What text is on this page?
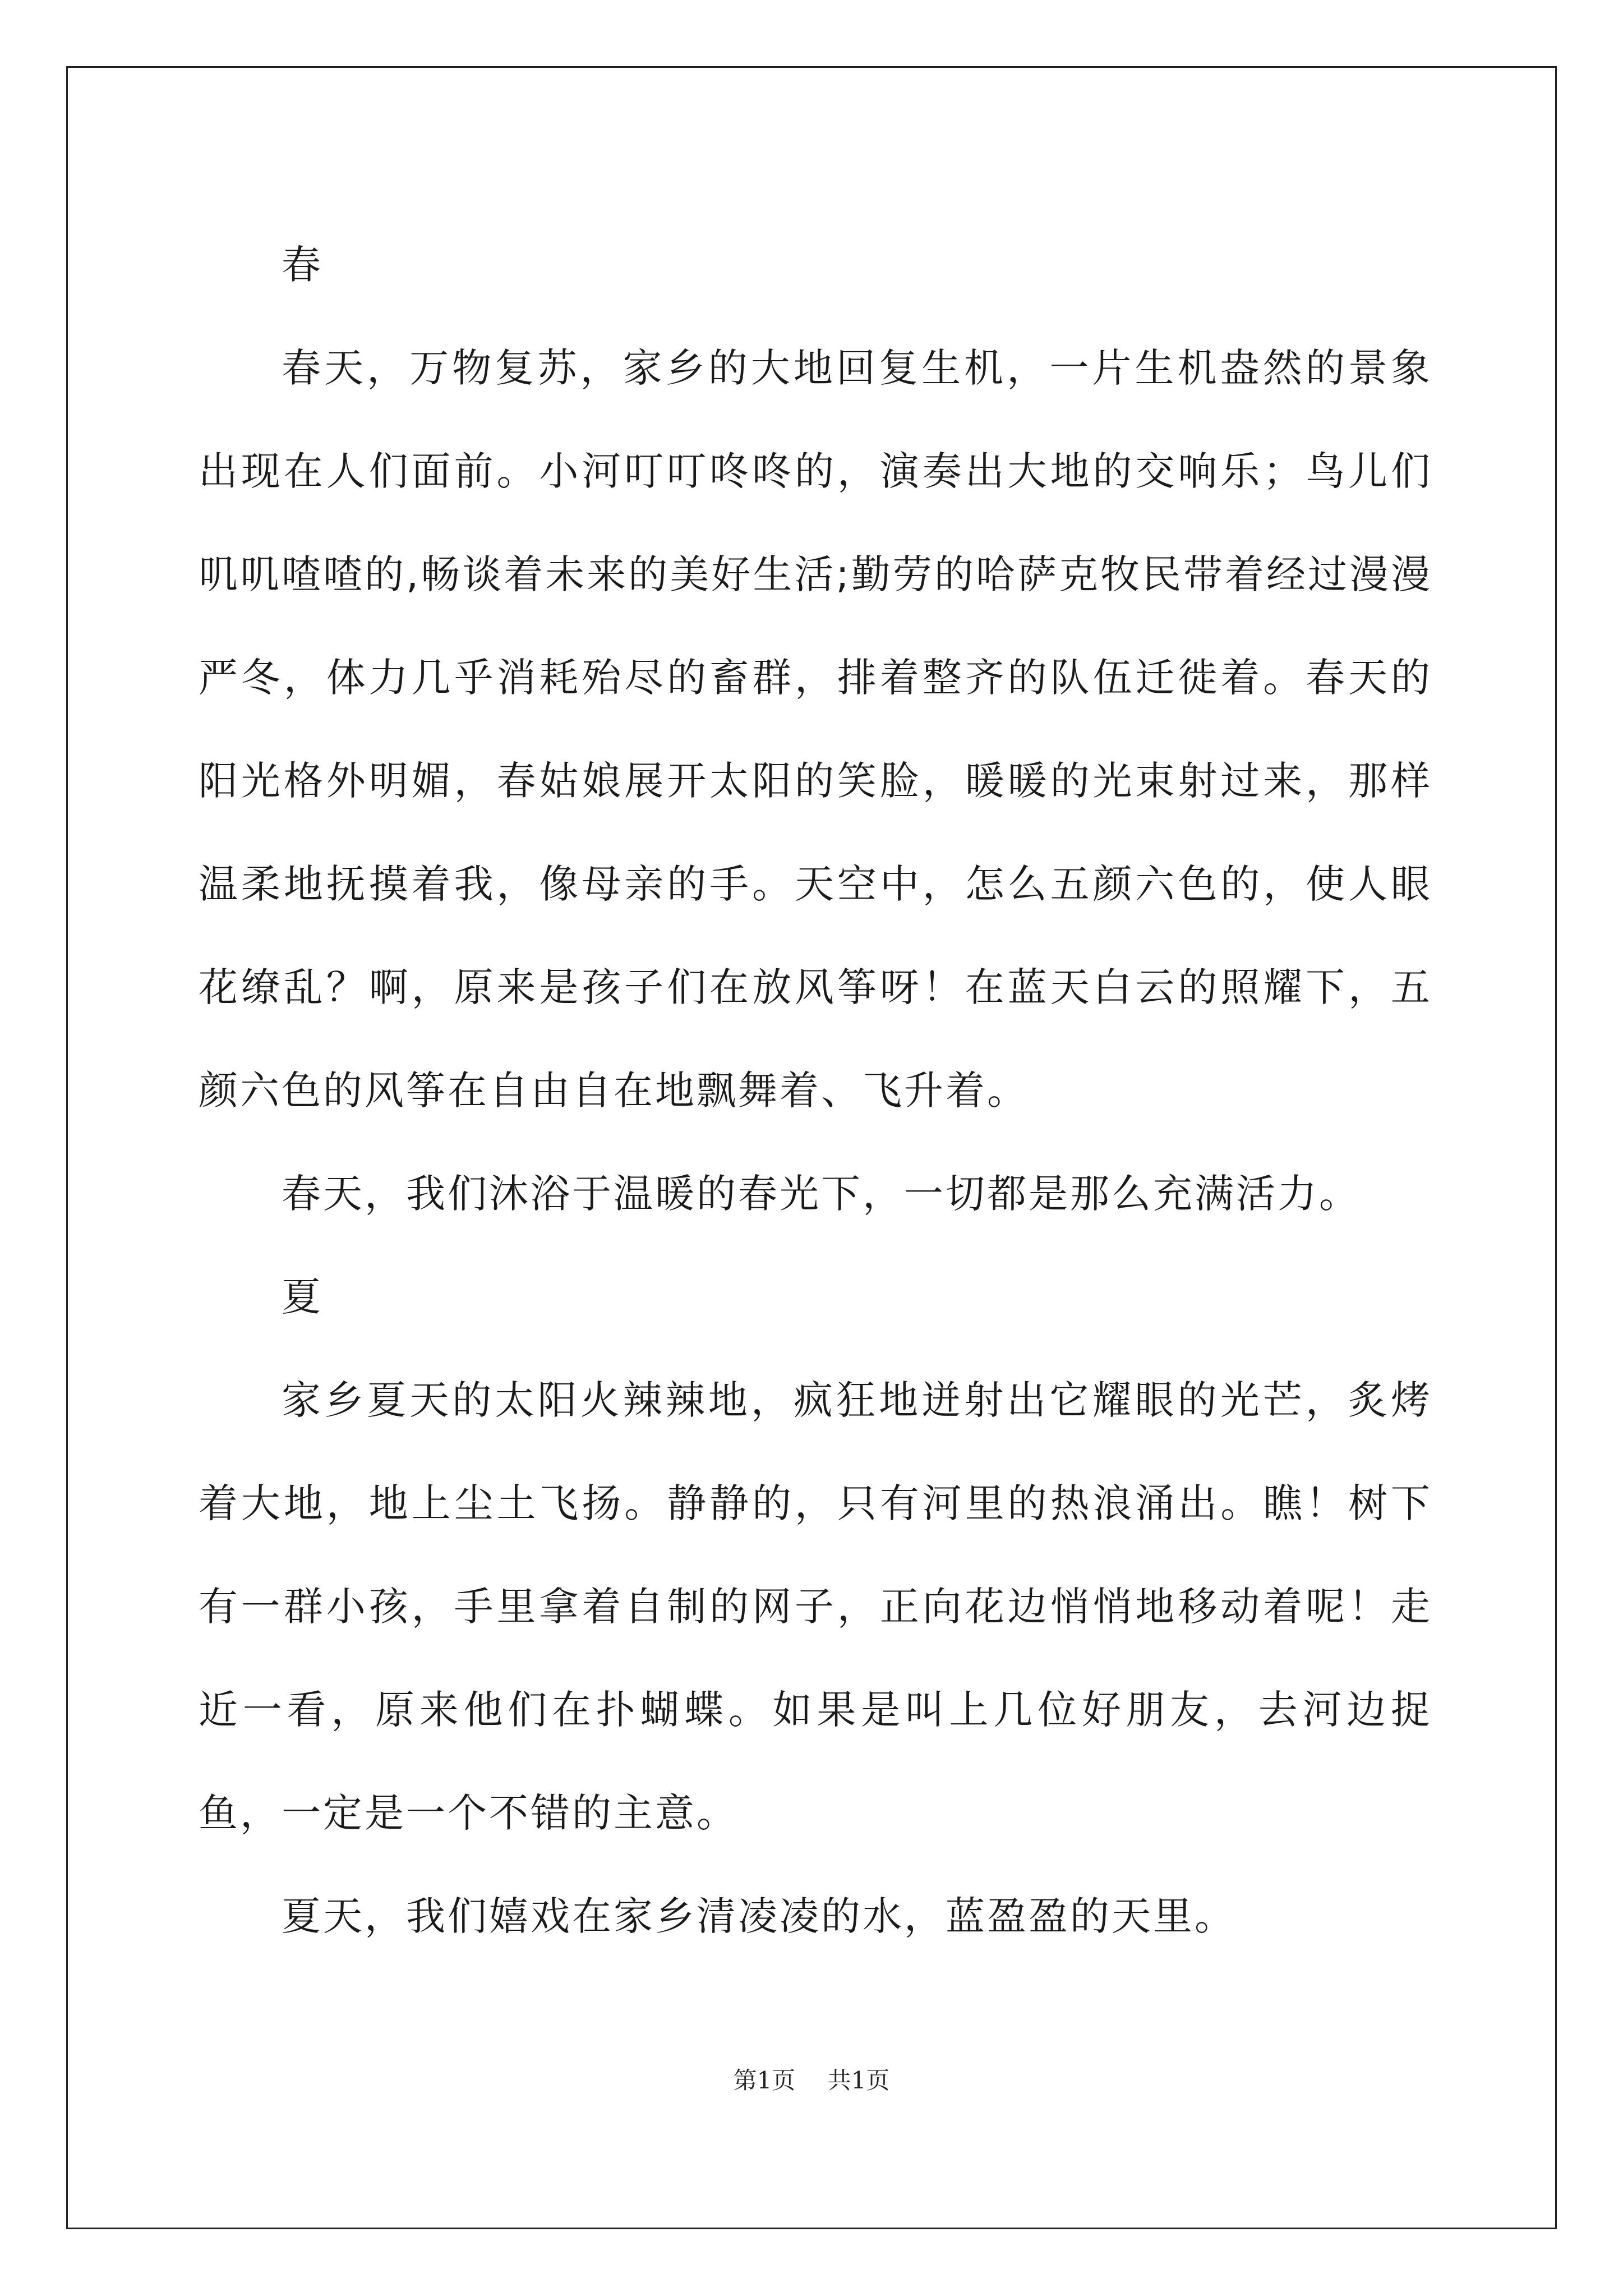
春

春天，万物复苏，家乡的大地回复生机，一片生机盎然的景象出现在人们面前。小河叮叮咚咚的，演奏出大地的交响乐；鸟儿们叽叽喳喳的,畅谈着未来的美好生活;勤劳的哈萨克牧民带着经过漫漫严冬，体力几乎消耗殆尽的畜群，排着整齐的队伍迁徙着。春天的阳光格外明媚，春姑娘展开太阳的笑脸，暖暖的光束射过来，那样温柔地抚摸着我，像母亲的手。天空中，怎么五颜六色的，使人眼花缭乱？啊，原来是孩子们在放风筝呀！在蓝天白云的照耀下，五颜六色的风筝在自由自在地飘舞着、飞升着。

春天，我们沐浴于温暖的春光下，一切都是那么充满活力。

夏

家乡夏天的太阳火辣辣地，疯狂地迸射出它耀眼的光芒，炙烤着大地，地上尘土飞扬。静静的，只有河里的热浪涌出。瞧！树下有一群小孩，手里拿着自制的网子，正向花边悄悄地移动着呢！走近一看，原来他们在扑蝴蝶。如果是叫上几位好朋友，去河边捉鱼，一定是一个不错的主意。

夏天，我们嬉戏在家乡清凌凌的水，蓝盈盈的天里。

第1页 共1页
